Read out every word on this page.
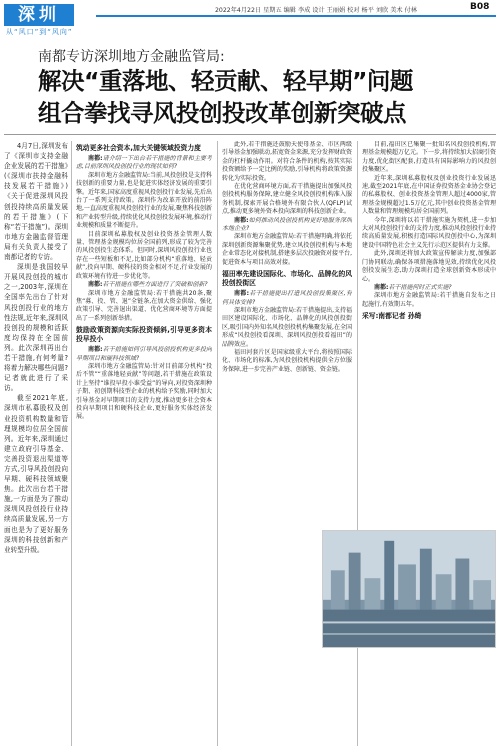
深圳
从“风口”到“风向”
2022年4月22日 星期五 编辑 李成 设计 王丽娟 校对 杨平 刘欣 美术 付林	B08
南都专访深圳地方金融监管局:
解决“重落地、轻贡献、轻早期”问题
组合拳找寻风投创投改革创新突破点

4月7日,深圳发布了《深圳市支持金融企业发展的若干措施》(《深圳市扶持金融科技发展若干措施》)《关于促进深圳风投创投持续高质量发展的若干措施》(下称“若干措施”)。深圳市地方金融监督管理局有关负责人接受了南都记者的专访。

深圳是我国较早开展风投创投的城市之一,2003年,深圳在全国率先出台了针对风投创投行业的地方性法规,近年来,深圳风投创投的规模和活跃度均保持在全国前列。此次深圳再出台若干措施,有何考量?将着力解决哪些问题?记者就此进行了采访。

截至2021年底,深圳市私募股权及创业投资机构数量和管理规模均位居全国前列。近年来,深圳通过建立政府引导基金、完善投资退出渠道等方式,引导风投创投向早期、硬科技领域聚焦。此次出台若干措施,一方面是为了推动深圳风投创投行业持续高质量发展,另一方面也是为了更好服务深圳的科技创新和产业转型升级。

筑动更多社会资本,加大关键领域投资力度

南都:请介绍一下出台若干措施的背景和主要考虑,目前深圳风投创投行业的现状如何?

深圳市地方金融监管局:当前,风投创投是支持科技创新的重要力量,也是促进实体经济发展的重要引擎。近年来,国家高度重视风投创投行业发展,先后出台了一系列支持政策。深圳作为改革开放的前沿阵地,一直高度重视风投创投行业的发展,聚焦科技创新和产业转型升级,持续优化风投创投发展环境,推动行业规模和质量不断提升。

目前深圳私募股权及创业投资基金管理人数量、管理基金规模均位居全国前列,形成了较为完善的风投创投生态体系。但同时,深圳风投创投行业也存在一些短板和不足,比如部分机构“重落地、轻贡献”,投向早期、硬科技的资金相对不足,行业发展的政策环境有待进一步优化等。

南都:若干措施在哪些方面进行了突破和创新?

深圳市地方金融监管局:若干措施共20条,聚焦“募、投、管、退”全链条,在加大资金供给、强化政策引导、完善退出渠道、优化营商环境等方面提出了一系列创新举措。

鼓励政策资源向实际投资倾斜,引导更多资本投早投小

南都:若干措施如何引导风投创投机构更多投向早期项目和硬科技领域?

深圳市地方金融监管局:针对目前部分机构“投后不管”“重落地轻贡献”等问题,若干措施在政策设计上坚持“谁投早投小谁受益”的导向,对投资深圳种子期、初创期科技型企业的机构给予奖励,同时加大引导基金对早期项目的支持力度,推动更多社会资本投向早期项目和硬科技企业,更好服务实体经济发展。

此外,若干措施还鼓励天使母基金、市区两级引导基金加强联动,拓宽资金来源,充分发挥财政资金的杠杆撬动作用。对符合条件的机构,按其实际投资额给予一定比例的奖励,引导机构将政策资源转化为实际投资。

在优化营商环境方面,若干措施提出加强风投创投机构服务保障,建立健全风投创投机构准入服务机制,探索开展合格境外有限合伙人(QFLP)试点,推动更多境外资本投向深圳的科技创新企业。

南都:如何推动风投创投机构更好地服务深圳本地企业?

深圳市地方金融监管局:若干措施明确,将依托深圳创新资源集聚优势,建立风投创投机构与本地企业常态化对接机制,搭建多层次投融资对接平台,促进资本与项目高效对接。

福田率先建设国际化、市场化、品牌化的风投创投街区

南都:若干措施提出打造风投创投集聚区,有何具体安排?

深圳市地方金融监管局:若干措施提出,支持福田区建设国际化、市场化、品牌化的风投创投街区,吸引国内外知名风投创投机构集聚发展,在全国形成“风投创投看深圳、深圳风投创投看福田”的品牌效应。

福田河套片区是国家级重大平台,将按照国际化、市场化的标准,为风投创投机构提供全方位服务保障,进一步完善产业链、创新链、资金链。

目前,福田区已集聚一批知名风投创投机构,管理基金规模超万亿元。下一步,将持续加大招商引资力度,优化街区配套,打造具有国际影响力的风投创投集聚区。

近年来,深圳私募股权及创业投资行业发展迅速,截至2021年底,在中国证券投资基金业协会登记的私募股权、创业投资基金管理人超过4000家,管理基金规模超过1.5万亿元,其中创业投资基金管理人数量和管理规模均居全国前列。

今年,深圳将以若干措施实施为契机,进一步加大对风投创投行业的支持力度,推动风投创投行业持续高质量发展,积极打造国际风投创投中心,为深圳建设中国特色社会主义先行示范区提供有力支撑。

此外,深圳还将加大政策宣传解读力度,加强部门协同联动,确保各项措施落地见效,持续优化风投创投发展生态,助力深圳打造全球创新资本形成中心。

南都:若干措施何时正式实施?

深圳市地方金融监管局:若干措施自发布之日起施行,有效期五年。

采写:南都记者 孙绮
